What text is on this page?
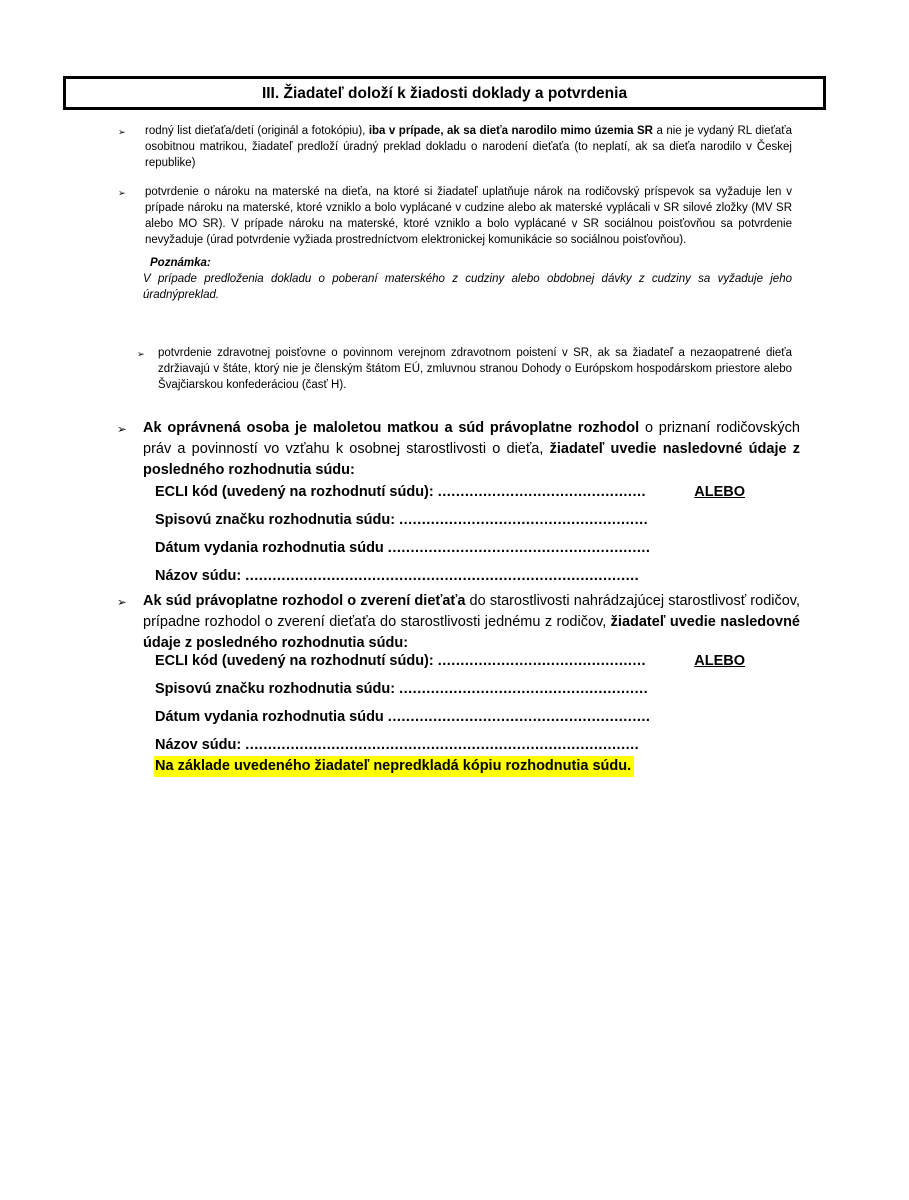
III. Žiadateľ doloží k žiadosti doklady a potvrdenia
➢	rodný list dieťaťa/detí (originál a fotokópiu), iba v prípade, ak sa dieťa narodilo mimo územia SR a nie je vydaný RL dieťaťa osobitnou matrikou, žiadateľ predloží úradný preklad dokladu o narodení dieťaťa (to neplatí, ak sa dieťa narodilo v Českej republike)
➢	potvrdenie o nároku na materské na dieťa, na ktoré si žiadateľ uplatňuje nárok na rodičovský príspevok sa vyžaduje len v prípade nároku na materské, ktoré vzniklo a bolo vyplácané v cudzine alebo ak materské vyplácali v SR silové zložky (MV SR alebo MO SR). V prípade nároku na materské, ktoré vzniklo a bolo vyplácané v SR sociálnou poisťovňou sa potvrdenie nevyžaduje (úrad potvrdenie vyžiada prostredníctvom elektronickej komunikácie so sociálnou poisťovňou).
Poznámka:
V prípade predloženia dokladu o poberaní materského z cudziny alebo obdobnej dávky z cudziny sa vyžaduje jeho úradnýpreklad.
➢	potvrdenie zdravotnej poisťovne o povinnom verejnom zdravotnom poistení v SR, ak sa žiadateľ a nezaopatrené dieťa zdržiavajú v štáte, ktorý nie je členským štátom EÚ, zmluvnou stranou Dohody o Európskom hospodárskom priestore alebo Švajčiarskou konfederáciou (časť H).
➢	Ak oprávnená osoba je maloletou matkou a súd právoplatne rozhodol o priznaní rodičovských práv a povinností vo vzťahu k osobnej starostlivosti o dieťa, žiadateľ uvedie nasledovné údaje z posledného rozhodnutia súdu:
ECLI kód (uvedený na rozhodnutí súdu): ..............................................	ALEBO
Spisovú značku rozhodnutia súdu: .......................................................
Dátum vydania rozhodnutia súdu ..........................................................
Názov súdu: .......................................................................................
➢	Ak súd právoplatne rozhodol o zverení dieťaťa do starostlivosti nahrádzajúcej starostlivosť rodičov, prípadne rozhodol o zverení dieťaťa do starostlivosti jednému z rodičov, žiadateľ uvedie nasledovné údaje z posledného rozhodnutia súdu:
ECLI kód (uvedený na rozhodnutí súdu): ..............................................	ALEBO
Spisovú značku rozhodnutia súdu: .......................................................
Dátum vydania rozhodnutia súdu ..........................................................
Názov súdu: .......................................................................................
Na základe uvedeného žiadateľ nepredkladá kópiu rozhodnutia súdu.
